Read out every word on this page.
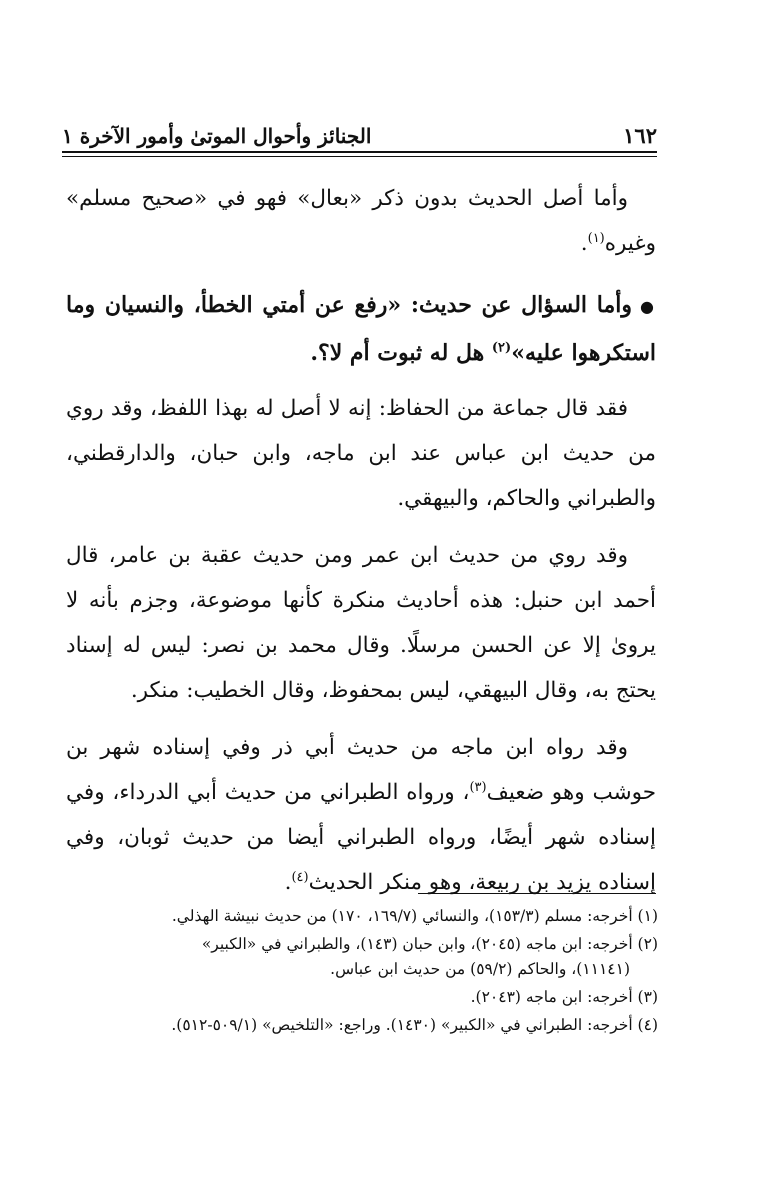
١٦٢
الجنائز وأحوال الموتىٰ وأمور الآخرة ١

وأما أصل الحديث بدون ذكر «بعال» فهو في «صحيح مسلم» وغيره$^{(١)}$.

●وأما السؤال عن حديث: «رفع عن أمتي الخطأ، والنسيان وما استكرهوا عليه»$^{(٢)}$ هل له ثبوت أم لا؟.

فقد قال جماعة من الحفاظ: إنه لا أصل له بهذا اللفظ، وقد روي من حديث ابن عباس عند ابن ماجه، وابن حبان، والدارقطني، والطبراني والحاكم، والبيهقي.

وقد روي من حديث ابن عمر ومن حديث عقبة بن عامر، قال أحمد ابن حنبل: هذه أحاديث منكرة كأنها موضوعة، وجزم بأنه لا يروىٰ إلا عن الحسن مرسلًا. وقال محمد بن نصر: ليس له إسناد يحتج به، وقال البيهقي، ليس بمحفوظ، وقال الخطيب: منكر.

وقد رواه ابن ماجه من حديث أبي ذر وفي إسناده شهر بن حوشب وهو ضعيف$^{(٣)}$، ورواه الطبراني من حديث أبي الدرداء، وفي إسناده شهر أيضًا، ورواه الطبراني أيضا من حديث ثوبان، وفي إسناده يزيد بن ربيعة، وهو منكر الحديث$^{(٤)}$.

(١) أخرجه: مسلم (١٥٣/٣)، والنسائي (١٦٩/٧، ١٧٠) من حديث نبيشة الهذلي.

(٢) أخرجه: ابن ماجه (٢٠٤٥)، وابن حبان (١٤٣)، والطبراني في «الكبير»
(١١١٤١)، والحاكم (٥٩/٢) من حديث ابن عباس.

(٣) أخرجه: ابن ماجه (٢٠٤٣).

(٤) أخرجه: الطبراني في «الكبير» (١٤٣٠). وراجع: «التلخيص» (٥٠٩/١-٥١٢).
